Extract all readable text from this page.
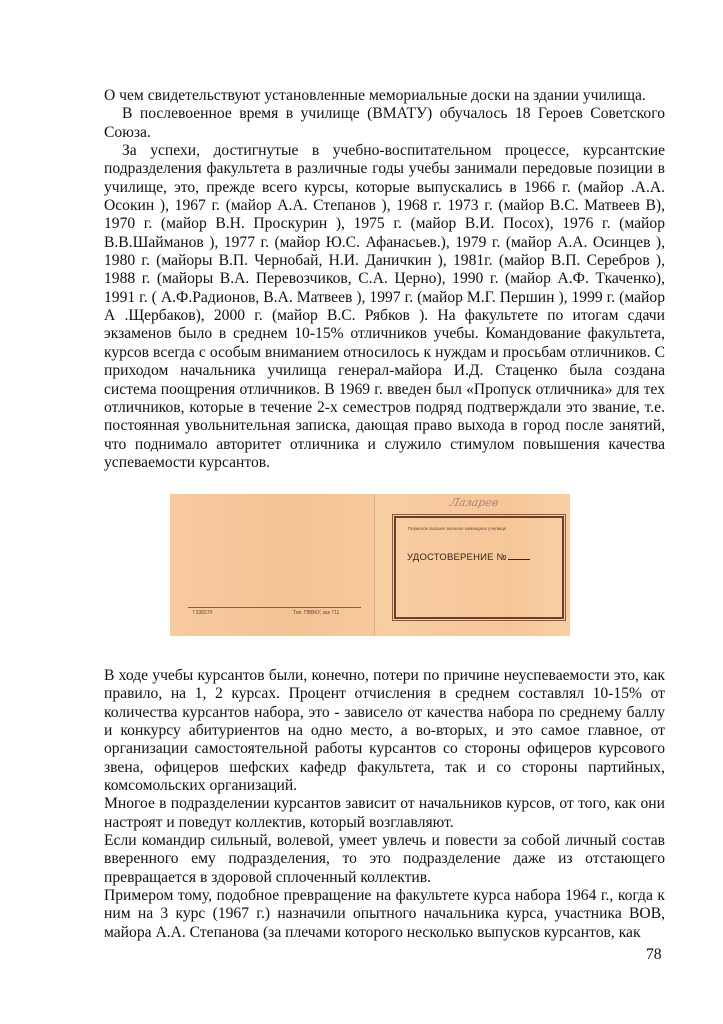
О чем свидетельствуют установленные мемориальные доски на здании училища.

В послевоенное время в училище (ВМАТУ) обучалось 18 Героев Советского Союза.

За успехи, достигнутые в учебно-воспитательном процессе, курсантские подразделения факультета в различные годы учебы занимали передовые позиции в училище, это, прежде всего курсы, которые выпускались в 1966 г. (майор .А.А. Осокин ), 1967 г. (майор А.А. Степанов ), 1968 г. 1973 г. (майор В.С. Матвеев В), 1970 г. (майор В.Н. Проскурин ), 1975 г. (майор В.И. Посох), 1976 г. (майор В.В.Шайманов ), 1977 г. (майор Ю.С. Афанасьев.), 1979 г. (майор А.А. Осинцев ), 1980 г. (майоры В.П. Чернобай, Н.И. Даничкин ), 1981г. (майор В.П. Серебров ), 1988 г. (майоры В.А. Перевозчиков, С.А. Церно), 1990 г. (майор А.Ф. Ткаченко), 1991 г. ( А.Ф.Радионов, В.А. Матвеев ), 1997 г. (майор М.Г. Першин ), 1999 г. (майор А .Щербаков), 2000 г. (майор В.С. Рябков ). На факультете по итогам сдачи экзаменов было в среднем 10-15% отличников учебы. Командование факультета, курсов всегда с особым вниманием относилось к нуждам и просьбам отличников. С приходом начальника училища генерал-майора И.Д. Стаценко была создана система поощрения отличников. В 1969 г. введен был «Пропуск отличника» для тех отличников, которые в течение 2-х семестров подряд подтверждали это звание, т.е. постоянная увольнительная записка, дающая право выхода в город после занятий, что поднимало авторитет отличника и служило стимулом повышения качества успеваемости курсантов.

Г338270	Тип. ПВВКУ, зак 711
Лазарев
Пермское высшее военное командное училище
УДОСТОВЕРЕНИЕ №

В ходе учебы курсантов были, конечно, потери по причине неуспеваемости это, как правило, на 1, 2 курсах. Процент отчисления в среднем составлял 10-15% от количества курсантов набора, это - зависело от качества набора по среднему баллу и конкурсу абитуриентов на одно место, а во-вторых, и это самое главное, от организации самостоятельной работы курсантов со стороны офицеров курсового звена, офицеров шефских кафедр факультета, так и со стороны партийных, комсомольских организаций.

Многое в подразделении курсантов зависит от начальников курсов, от того, как они настроят и поведут коллектив, который возглавляют.

Если командир сильный, волевой, умеет увлечь и повести за собой личный состав вверенного ему подразделения, то это подразделение даже из отстающего превращается в здоровой сплоченный коллектив.

Примером тому, подобное превращение на факультете курса набора 1964 г., когда к ним на 3 курс (1967 г.) назначили опытного начальника курса, участника ВОВ, майора А.А. Степанова (за плечами которого несколько выпусков курсантов, как

78
